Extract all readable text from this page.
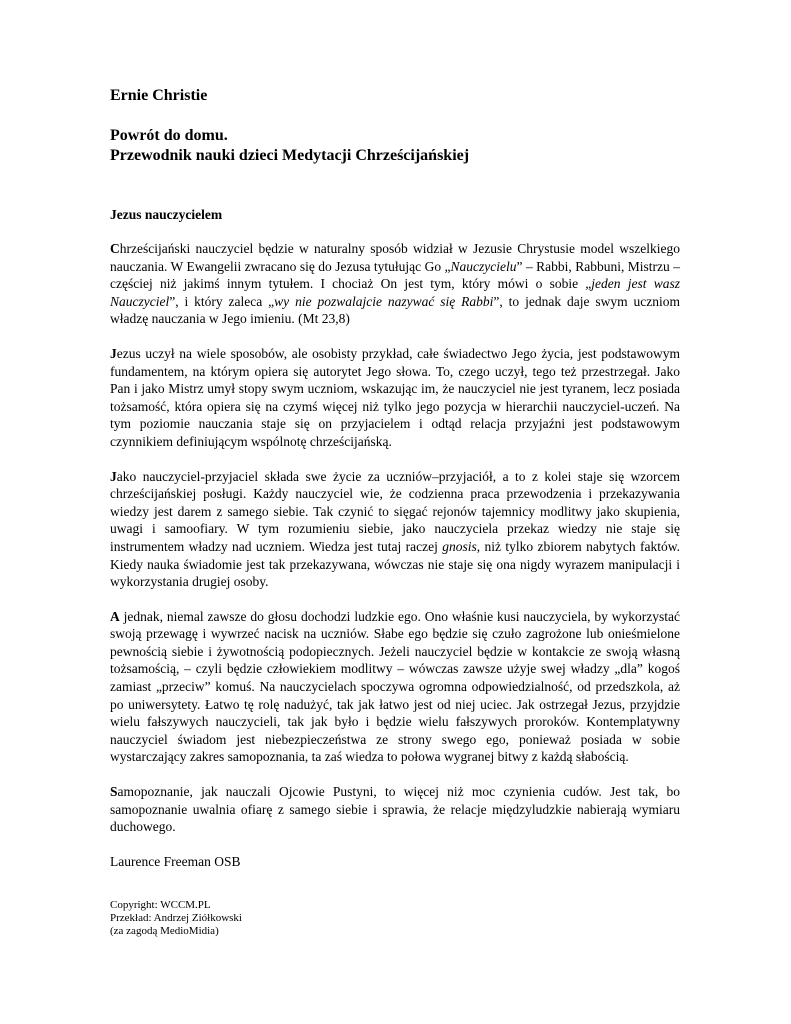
Ernie Christie
Powrót do domu.
Przewodnik nauki dzieci Medytacji Chrześcijańskiej
Jezus nauczycielem

Chrześcijański nauczyciel będzie w naturalny sposób widział w Jezusie Chrystusie model wszelkiego nauczania. W Ewangelii zwracano się do Jezusa tytułując Go „Nauczycielu” – Rabbi, Rabbuni, Mistrzu – częściej niż jakimś innym tytułem. I chociaż On jest tym, który mówi o sobie „jeden jest wasz Nauczyciel”, i który zaleca „wy nie pozwalajcie nazywać się Rabbi”, to jednak daje swym uczniom władzę nauczania w Jego imieniu. (Mt 23,8)

Jezus uczył na wiele sposobów, ale osobisty przykład, całe świadectwo Jego życia, jest podstawowym fundamentem, na którym opiera się autorytet Jego słowa. To, czego uczył, tego też przestrzegał. Jako Pan i jako Mistrz umył stopy swym uczniom, wskazując im, że nauczyciel nie jest tyranem, lecz posiada tożsamość, która opiera się na czymś więcej niż tylko jego pozycja w hierarchii nauczyciel-uczeń. Na tym poziomie nauczania staje się on przyjacielem i odtąd relacja przyjaźni jest podstawowym czynnikiem definiującym wspólnotę chrześcijańską.

Jako nauczyciel-przyjaciel składa swe życie za uczniów–przyjaciół, a to z kolei staje się wzorcem chrześcijańskiej posługi. Każdy nauczyciel wie, że codzienna praca przewodzenia i przekazywania wiedzy jest darem z samego siebie. Tak czynić to sięgać rejonów tajemnicy modlitwy jako skupienia, uwagi i samoofiary. W tym rozumieniu siebie, jako nauczyciela przekaz wiedzy nie staje się instrumentem władzy nad uczniem. Wiedza jest tutaj raczej gnosis, niż tylko zbiorem nabytych faktów. Kiedy nauka świadomie jest tak przekazywana, wówczas nie staje się ona nigdy wyrazem manipulacji i wykorzystania drugiej osoby.

A jednak, niemal zawsze do głosu dochodzi ludzkie ego. Ono właśnie kusi nauczyciela, by wykorzystać swoją przewagę i wywrzeć nacisk na uczniów. Słabe ego będzie się czuło zagrożone lub onieśmielone pewnością siebie i żywotnością podopiecznych. Jeżeli nauczyciel będzie w kontakcie ze swoją własną tożsamością, – czyli będzie człowiekiem modlitwy – wówczas zawsze użyje swej władzy „dla” kogoś zamiast „przeciw” komuś. Na nauczycielach spoczywa ogromna odpowiedzialność, od przedszkola, aż po uniwersytety. Łatwo tę rolę nadużyć, tak jak łatwo jest od niej uciec. Jak ostrzegał Jezus, przyjdzie wielu fałszywych nauczycieli, tak jak było i będzie wielu fałszywych proroków. Kontemplatywny nauczyciel świadom jest niebezpieczeństwa ze strony swego ego, ponieważ posiada w sobie wystarczający zakres samopoznania, ta zaś wiedza to połowa wygranej bitwy z każdą słabością.

Samopoznanie, jak nauczali Ojcowie Pustyni, to więcej niż moc czynienia cudów. Jest tak, bo samopoznanie uwalnia ofiarę z samego siebie i sprawia, że relacje międzyludzkie nabierają wymiaru duchowego.

Laurence Freeman OSB
Copyright: WCCM.PL
Przekład: Andrzej Ziółkowski
(za zagodą MedioMidia)
